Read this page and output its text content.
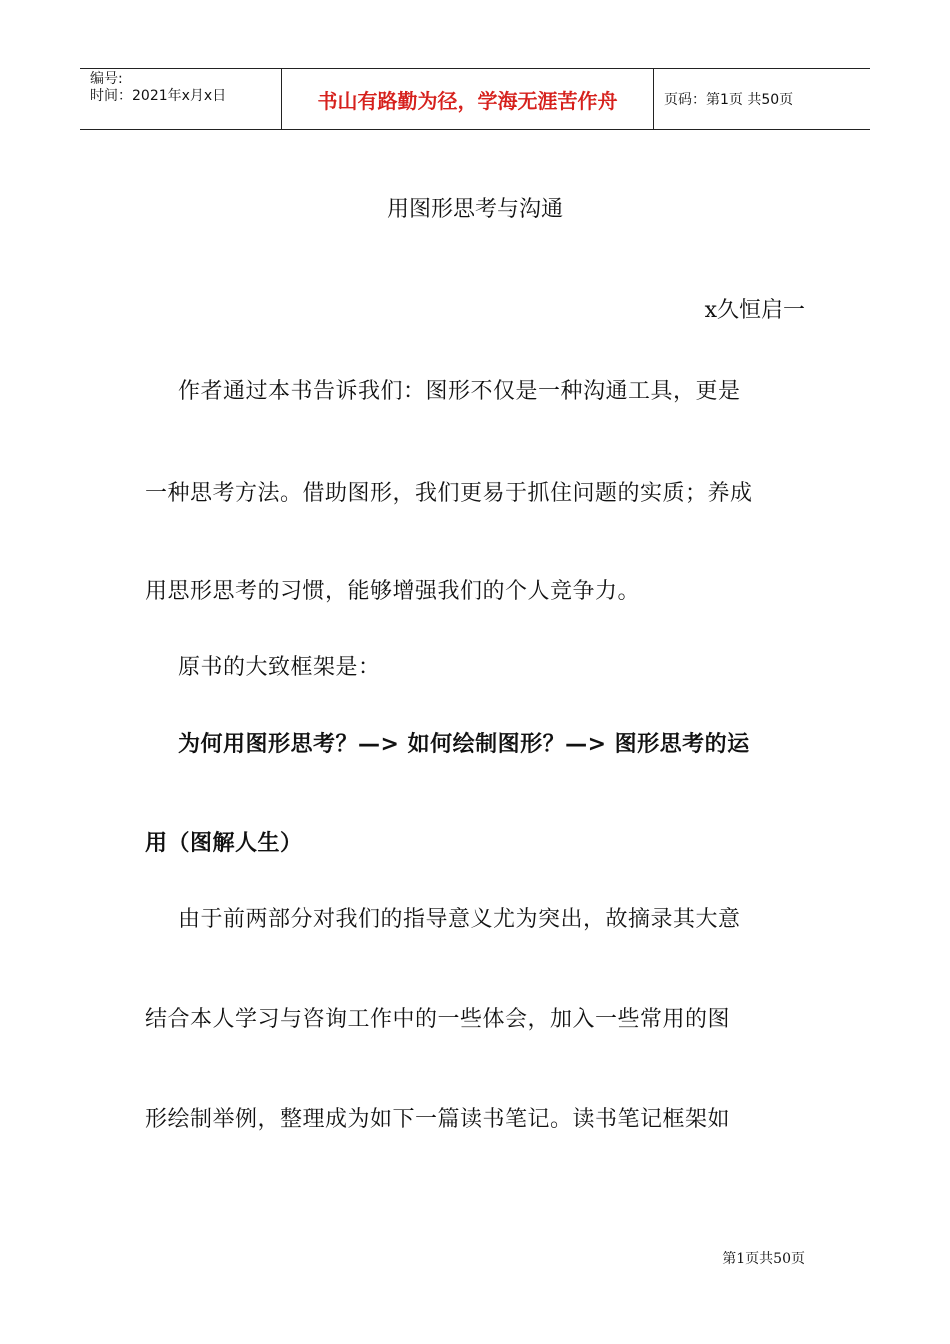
编号:
时间：2021年x月x日	书山有路勤为径，学海无涯苦作舟	页码：第1页 共50页
用图形思考与沟通
x久恒启一
作者通过本书告诉我们：图形不仅是一种沟通工具，更是
一种思考方法。借助图形，我们更易于抓住问题的实质；养成
用思形思考的习惯，能够增强我们的个人竞争力。
原书的大致框架是：
为何用图形思考？—> 如何绘制图形？—> 图形思考的运
用（图解人生）
由于前两部分对我们的指导意义尤为突出，故摘录其大意
结合本人学习与咨询工作中的一些体会，加入一些常用的图
形绘制举例，整理成为如下一篇读书笔记。读书笔记框架如
第1页共50页
